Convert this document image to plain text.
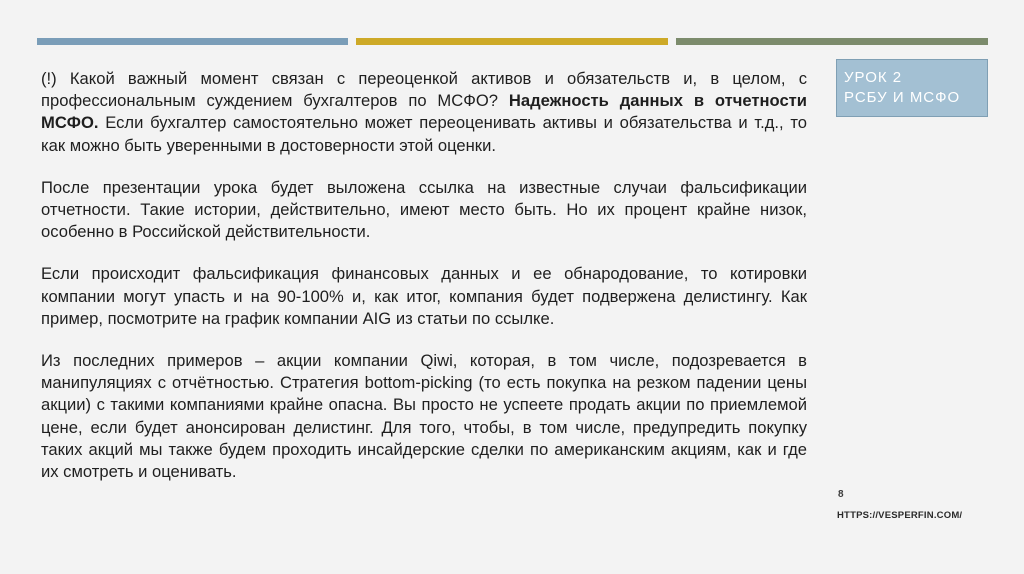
(!) Какой важный момент связан с переоценкой активов и обязательств и, в целом, с профессиональным суждением бухгалтеров по МСФО? Надежность данных в отчетности МСФО. Если бухгалтер самостоятельно может переоценивать активы и обязательства и т.д., то как можно быть уверенными в достоверности этой оценки.

После презентации урока будет выложена ссылка на известные случаи фальсификации отчетности. Такие истории, действительно, имеют место быть. Но их процент крайне низок, особенно в Российской действительности.

Если происходит фальсификация финансовых данных и ее обнародование, то котировки компании могут упасть и на 90-100% и, как итог, компания будет подвержена делистингу. Как пример, посмотрите на график компании AIG из статьи по ссылке.

Из последних примеров – акции компании Qiwi, которая, в том числе, подозревается в манипуляциях с отчётностью. Стратегия bottom-picking (то есть покупка на резком падении цены акции) с такими компаниями крайне опасна. Вы просто не успеете продать акции по приемлемой цене, если будет анонсирован делистинг. Для того, чтобы, в том числе, предупредить покупку таких акций мы также будем проходить инсайдерские сделки по американским акциям, как и где их смотреть и оценивать.

УРОК 2
РСБУ И МСФО
8
HTTPS://VESPERFIN.COM/
